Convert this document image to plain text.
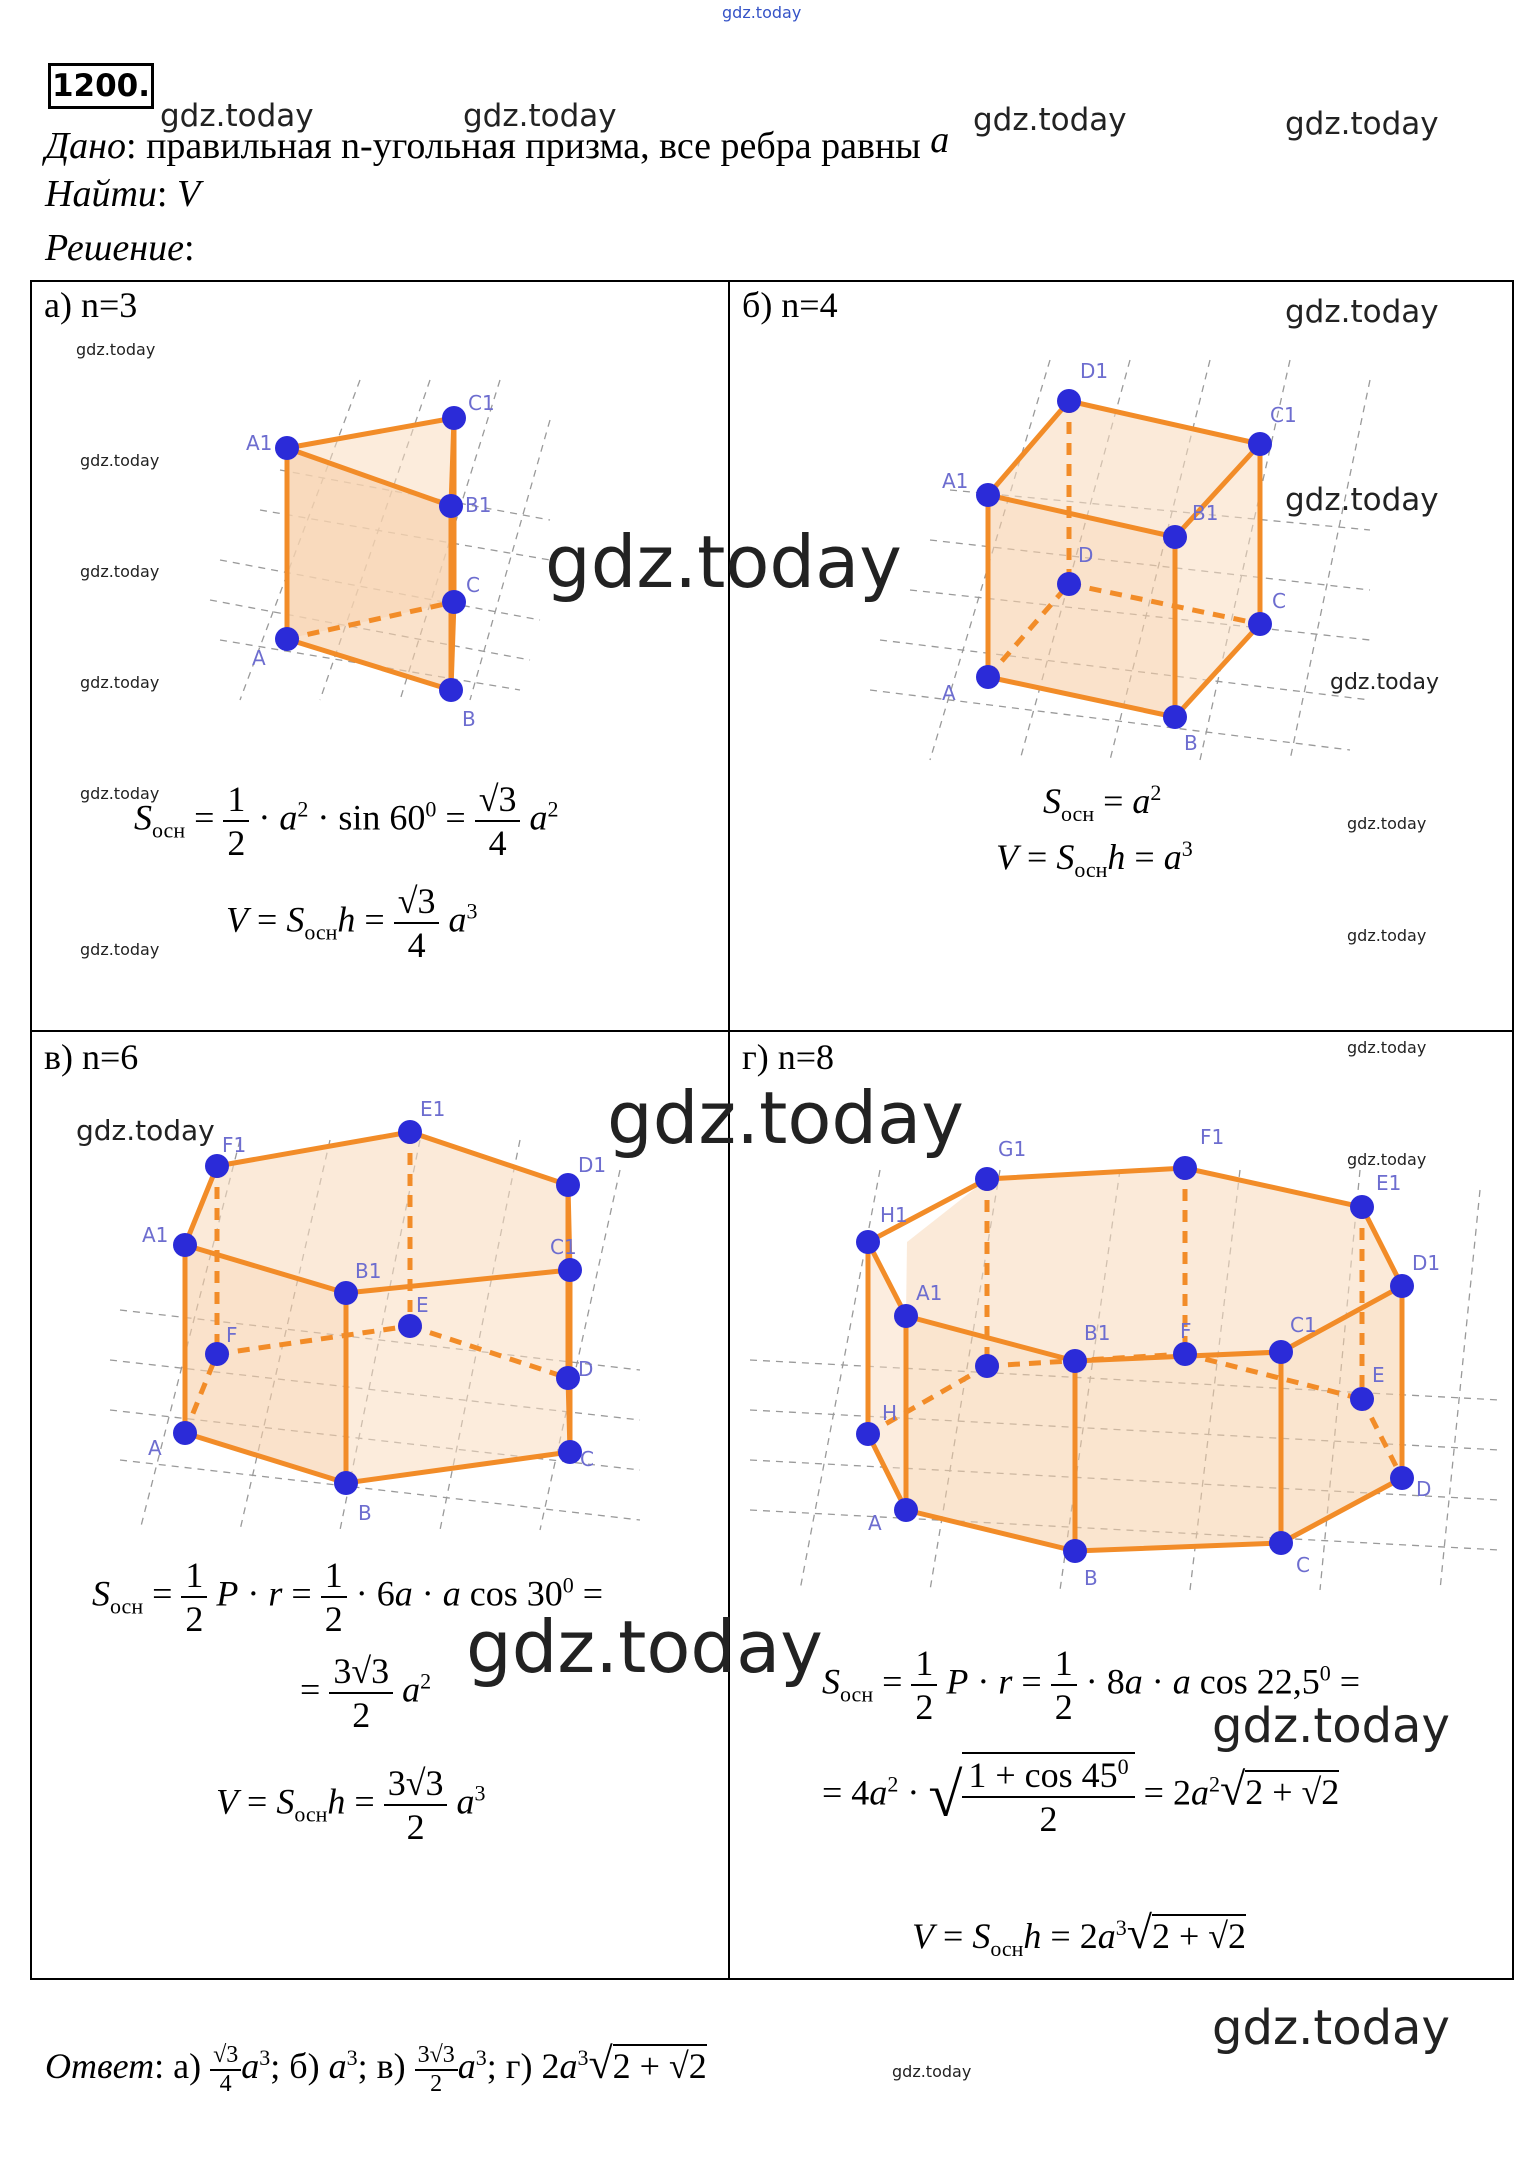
gdz.today
gdz.today	gdz.today	gdz.today	gdz.today
1200.
Дано: правильная n-угольная призма, все ребра равны a
Найти: V
Решение:
а) n=3	б) n=4
в) n=6	г) n=8
gdz.today
gdz.today
gdz.today
gdz.today
gdz.today
gdz.today
gdz.today
gdz.today
gdz.today
gdz.today
gdz.today
gdz.today
gdz.today
gdz.today
gdz.today
gdz.today
gdz.today
gdz.today
gdz.today
gdz.today
A1
C1
B1
A
C
B
$S_{осн} = \frac{1}{2} \cdot a^2 \cdot \sin 60^0 = \frac{√3}{4} a^2$
$V = S_{осн}h = \frac{√3}{4} a^3$
A1
D1
C1
B1
D
A
B
C
$S_{осн} = a^2$
$V = S_{осн}h = a^3$
A1
F1
E1
D1
C1
B1
F
E
D
A
B
C
$S_{осн} = \frac{1}{2}$ $P \cdot r = \frac{1}{2} \cdot 6a \cdot a$ $\cos 30^0$ =
= $\frac{3√3}{2} a^2$
$V = S_{осн}h = \frac{3√3}{2} a^3$
H1
G1	F1
E1
D1
C1
B1
A1
F
E
H
A
B
C
D
$S_{осн} = \frac{1}{2}$ $P \cdot r = \frac{1}{2} \cdot 8a \cdot a$ $\cos 22,5^0$ =
= $4a^2$ · √ $\frac{1 + \cos 45^0}{2} = 2a^2√2 + √2$
$V = S_{осн}h = 2a^3√2 + √2$
Ответ: $а) \frac{√3}{4} a^3$; б) $a^3$; $в) \frac{3√3}{2} a^3$; г) $2a^3√2 + √2$
